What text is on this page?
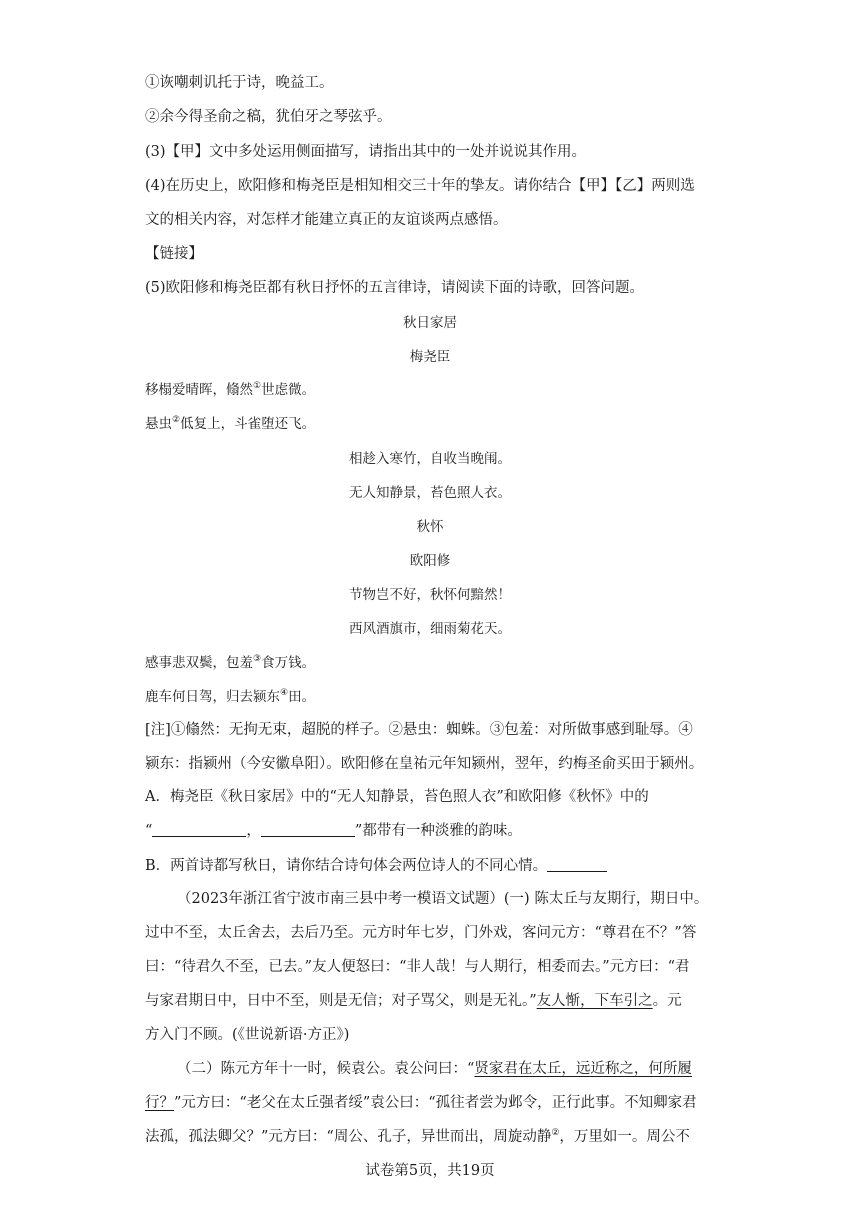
①诙嘲刺讥托于诗，晚益工。
②余今得圣俞之稿，犹伯牙之琴弦乎。
(3)【甲】文中多处运用侧面描写，请指出其中的一处并说说其作用。
(4)在历史上，欧阳修和梅尧臣是相知相交三十年的挚友。请你结合【甲】【乙】两则选
文的相关内容，对怎样才能建立真正的友谊谈两点感悟。
【链接】
(5)欧阳修和梅尧臣都有秋日抒怀的五言律诗，请阅读下面的诗歌，回答问题。
秋日家居
梅尧臣
移榻爱晴晖，翛然①世虑微。
悬虫②低复上，斗雀堕还飞。
相趁入寒竹，自收当晚闱。
无人知静景，苔色照人衣。
秋怀
欧阳修
节物岂不好，秋怀何黯然！
西风酒旗市，细雨菊花天。
感事悲双鬓，包羞③食万钱。
鹿车何日驾，归去颍东④田。
[注]①翛然：无拘无束，超脱的样子。②悬虫：蜘蛛。③包羞：对所做事感到耻辱。④
颍东：指颍州（今安徽阜阳）。欧阳修在皇祐元年知颍州，翌年，约梅圣俞买田于颍州。
A．梅尧臣《秋日家居》中的“无人知静景，苔色照人衣”和欧阳修《秋怀》中的
“	，	”都带有一种淡雅的韵味。
B．两首诗都写秋日，请你结合诗句体会两位诗人的不同心情。
（2023年浙江省宁波市南三县中考一模语文试题）(一) 陈太丘与友期行，期日中。
过中不至，太丘舍去，去后乃至。元方时年七岁，门外戏，客问元方：“尊君在不？”答
曰：“待君久不至，已去。”友人便怒曰：“非人哉！与人期行，相委而去。”元方曰：“君
与家君期日中，日中不至，则是无信；对子骂父，则是无礼。”友人惭，下车引之。元
方入门不顾。(《世说新语·方正》)
（二）陈元方年十一时，候袁公。袁公问曰：“贤家君在太丘，远近称之，何所履
行？”元方曰：“老父在太丘强者绥”袁公曰：“孤往者尝为邺令，正行此事。不知卿家君
法孤，孤法卿父？”元方曰：“周公、孔子，异世而出，周旋动静②，万里如一。周公不
试卷第5页，共19页
